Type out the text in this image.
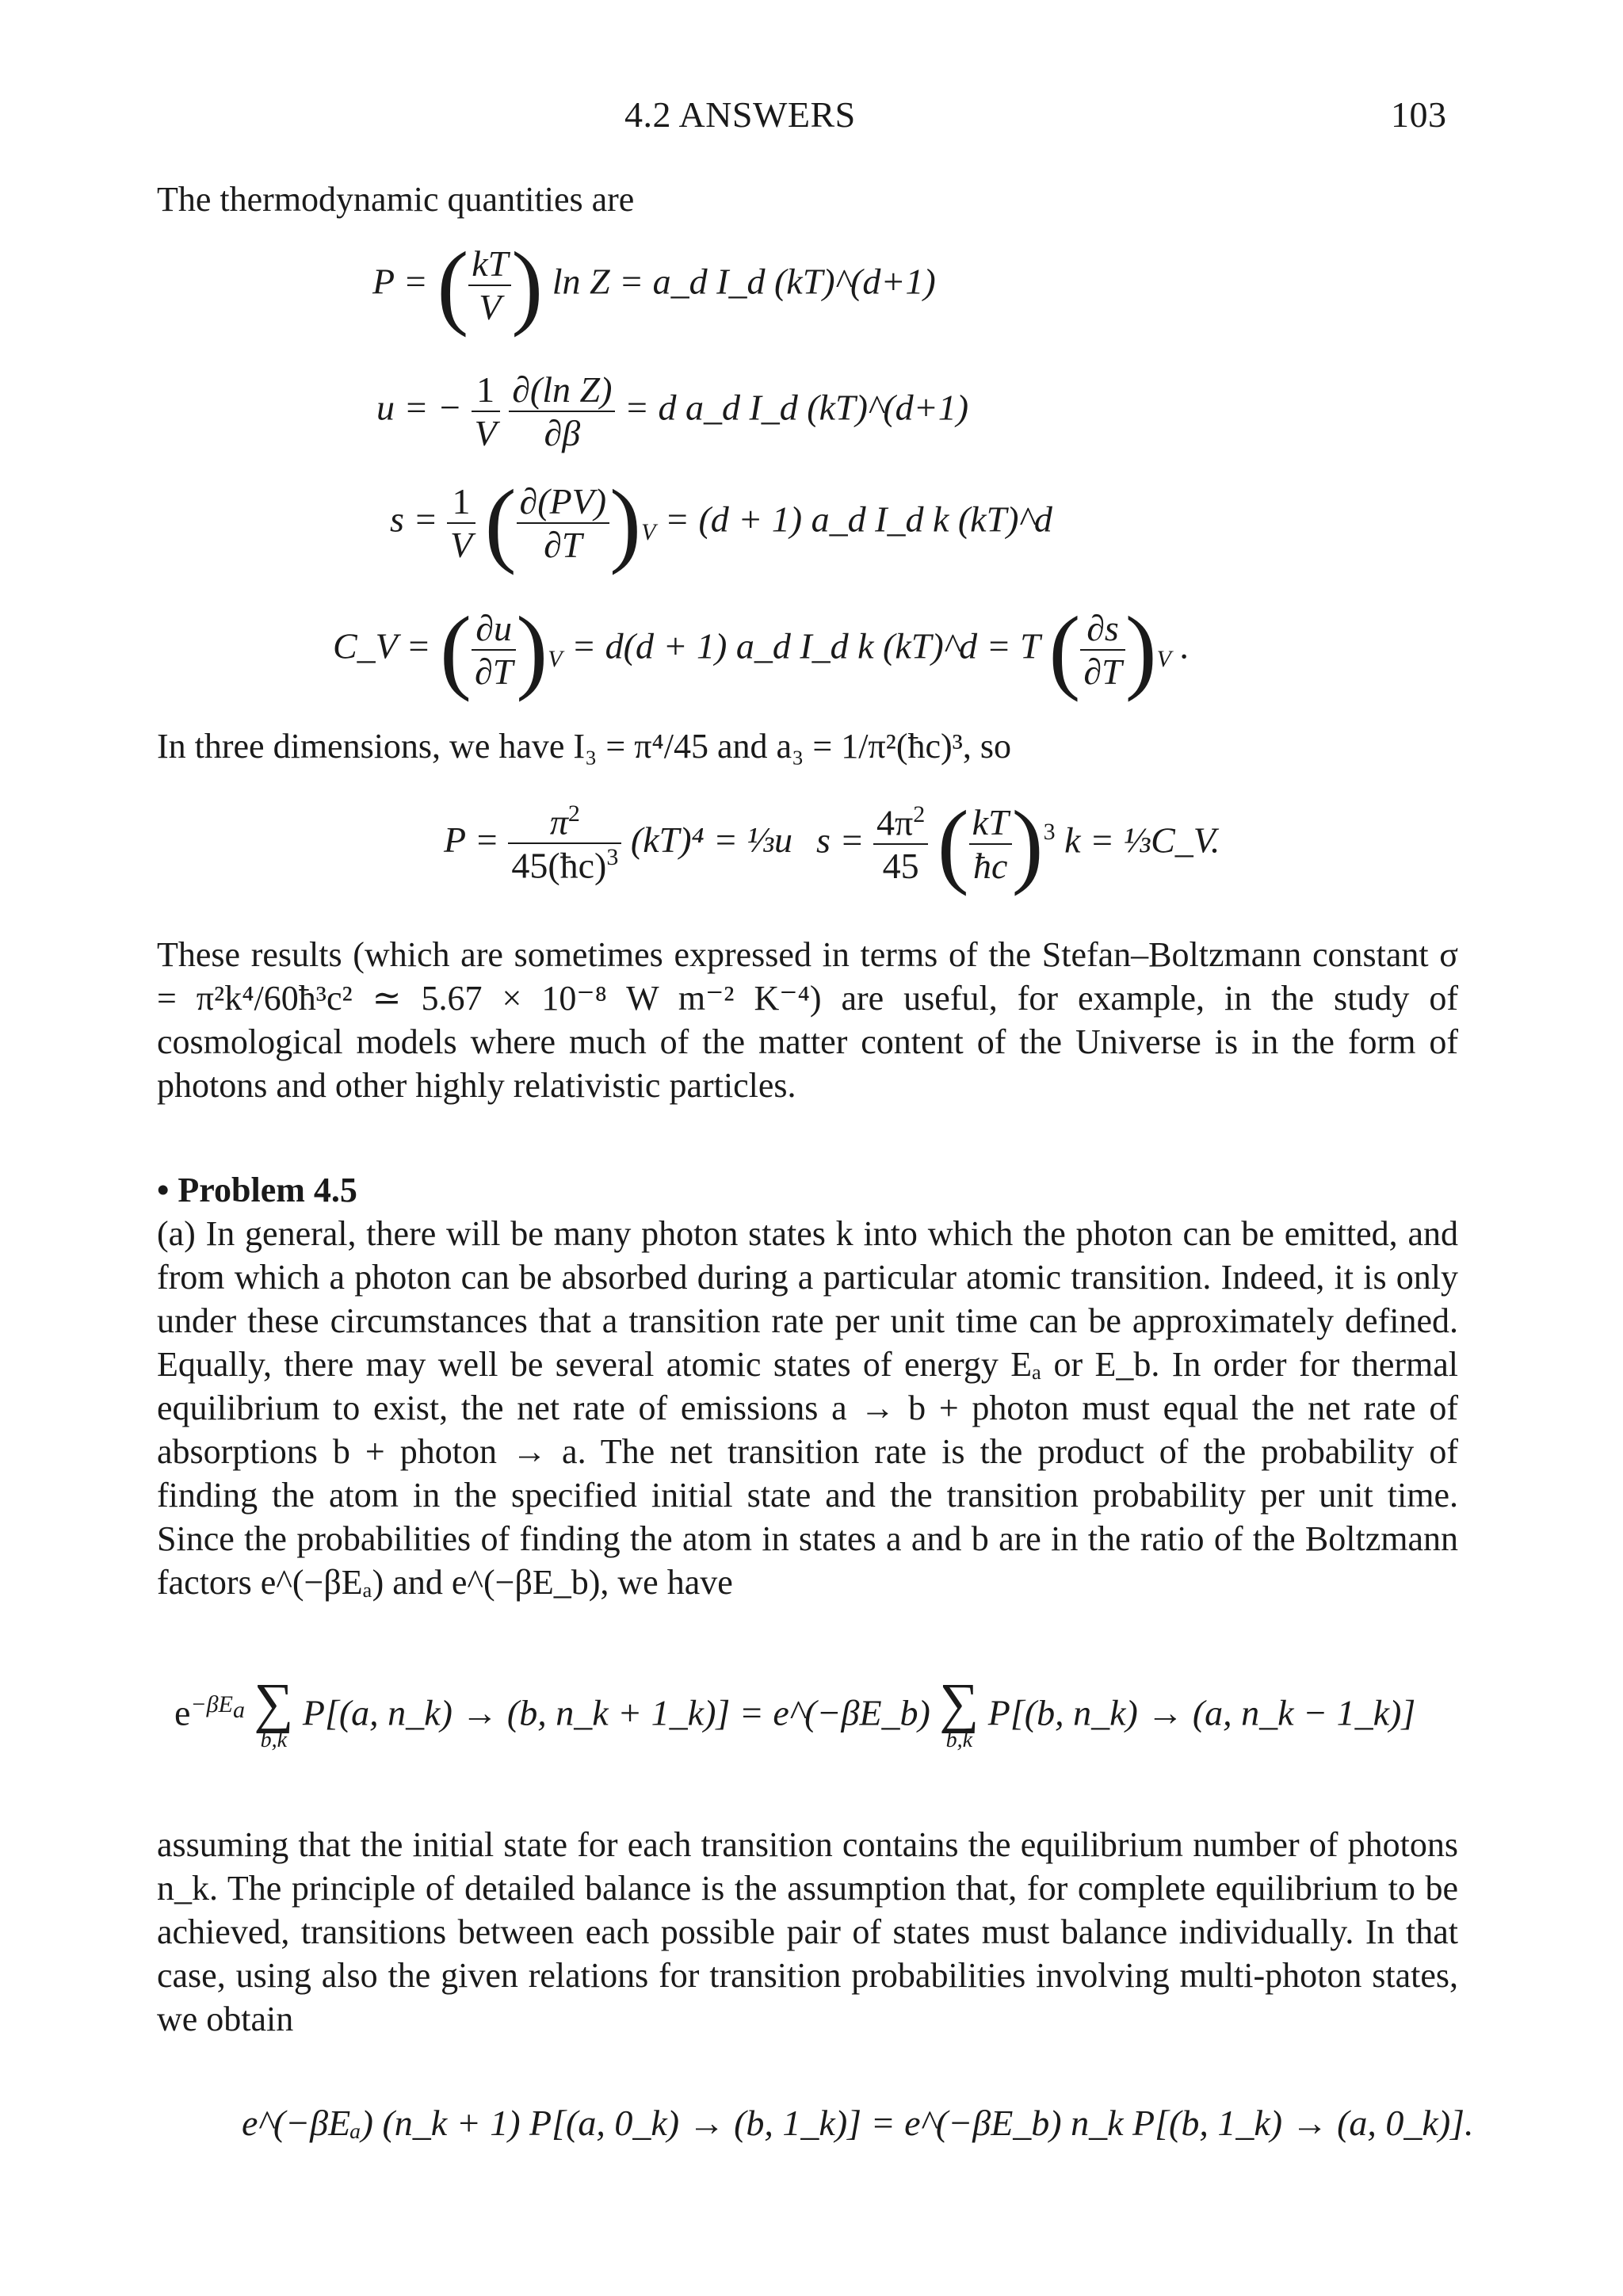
4.2 ANSWERS	103
The thermodynamic quantities are
P = ( $\frac{kT}{V}$ ) ln Z = a_d I_d (kT)^(d+1)
u = − $\frac{1}{V}$
$\frac{\text{∂(ln Z)}}{\partial\beta} = d$ a_d I_d (kT)^(d+1)
$s = \frac{1}{V}$ ( $\frac{\partial(PV)}{\partial T} )_V = (d + 1)$ a_d I_d k (kT)^d
C_V = ( $\frac{\partial u}{\partial T} )_V = d(d + 1)$ a_d I_d k (kT)^d = T ( $\frac{\partial s}{\partial T} )_V$ .
In three dimensions, we have I₃ = π⁴/45 and a₃ = 1/π²(ħc)³, so
$P = \frac{\pi^2}{45(ħc)^3} (kT)^4$ = ⅓u $s = \frac{4\pi^2}{45}$ ( $\frac{kT}{ħc} )^3$ k = ⅓C_V.
These results (which are sometimes expressed in terms of the Stefan–Boltzmann constant σ = π²k⁴/60ħ³c² ≃ 5.67 × 10⁻⁸ W m⁻² K⁻⁴) are useful, for example, in the study of cosmological models where much of the matter content of the Universe is in the form of photons and other highly relativistic particles.
• Problem 4.5
(a) In general, there will be many photon states k into which the photon can be emitted, and from which a photon can be absorbed during a particular atomic transition. Indeed, it is only under these circumstances that a transition rate per unit time can be approximately defined. Equally, there may well be several atomic states of energy Eₐ or E_b. In order for thermal equilibrium to exist, the net rate of emissions a → b + photon must equal the net rate of absorptions b + photon → a. The net transition rate is the product of the probability of finding the atom in the specified initial state and the transition probability per unit time. Since the probabilities of finding the atom in states a and b are in the ratio of the Boltzmann factors e^(−βEₐ) and e^(−βE_b), we have
$e^{-\beta E_a}$ ∑
b,k
P[(a, n_k) → (b, n_k + 1_k)] = e^(−βE_b) ∑
b,k
P[(b, n_k) → (a, n_k − 1_k)]
assuming that the initial state for each transition contains the equilibrium number of photons n_k. The principle of detailed balance is the assumption that, for complete equilibrium to be achieved, transitions between each possible pair of states must balance individually. In that case, using also the given relations for transition probabilities involving multi-photon states, we obtain
e^(−βEₐ) (n_k + 1) P[(a, 0_k) → (b, 1_k)] = e^(−βE_b) n_k P[(b, 1_k) → (a, 0_k)].
